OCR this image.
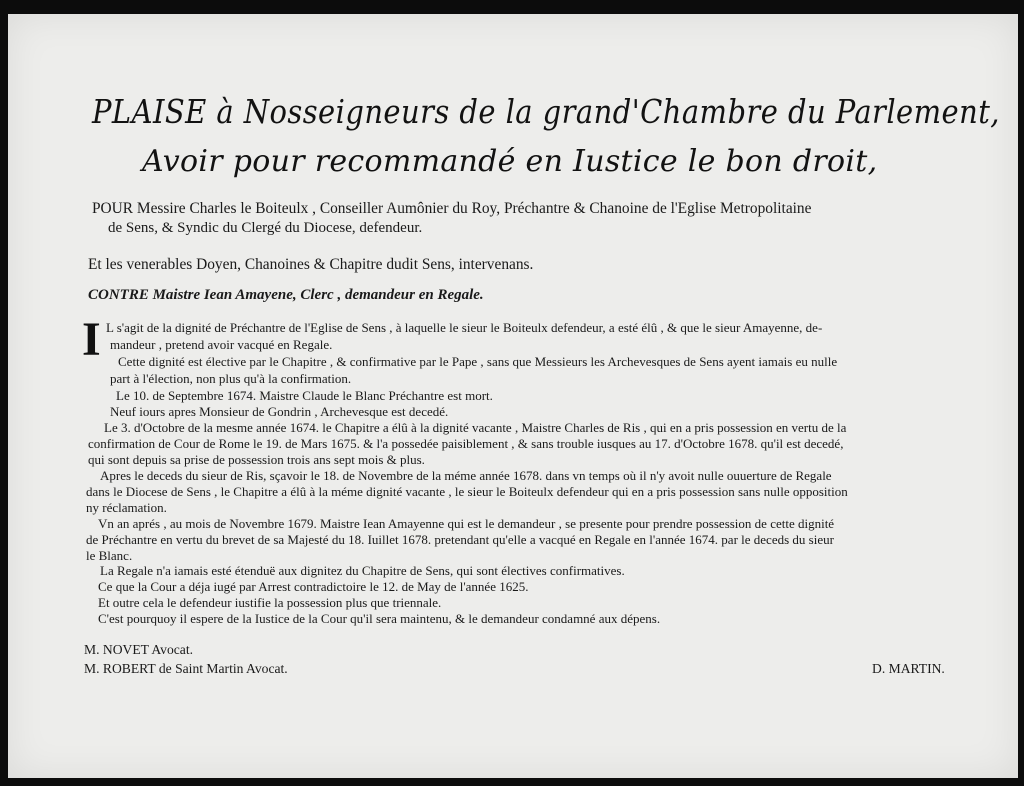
PLAISE à Nosseigneurs de la grand'Chambre du Parlement,
Avoir pour recommandé en Iustice le bon droit,

POUR Messire Charles le Boiteulx , Conseiller Aumônier du Roy, Précha​ntre & Chanoine de l'Eglise Metropolitaine

de Sens, & Syndic du Clergé du Diocese, defendeur.

Et les venerables Doyen, Chanoines & Chapitre dudit Sens, intervenans.

CONTRE Maistre Iean Amayene, Clerc , demandeur en Regale.

I L s'agit de la dignité de Préchantre de l'Eglise de Sens , à laquelle le sieur le Boiteulx defendeur, a esté élû , & que le sieur Amayenne, de-

mandeur , pretend avoir vacqué en Regale.

Cette dignité est élective par le Chapitre , & confirmative par le Pape , sans que Messieurs les Archevesques de Sens ayent iamais eu nulle

part à l'élection, non plus qu'à la confirmation.

Le 10. de Septembre 1674. Maistre Claude le Blanc Préchantre est mort.

Neuf iours apres Monsieur de Gondrin , Archevesque est decedé.

Le 3. d'Octobre de la mesme année 1674. le Chapitre a élû à la dignité vacante , Maistre Charles de Ris , qui en a pris possession en vertu de la

confirmation de Cour de Rome le 19. de Mars 1675. & l'a possedée paisiblement , & sans trouble iusques au 17. d'Octobre 1678. qu'il est decedé,

qui sont depuis sa prise de possession trois ans sept mois & plus.

Apres le deceds du sieur de Ris, sçavoir le 18. de Novembre de la méme année 1678. dans vn temps où il n'y avoit nulle ouuerture de Regale

dans le Diocese de Sens , le Chapitre a élû à la méme dignité vacante , le sieur le Boiteulx defendeur qui en a pris possession sans nulle opposition

ny réclamation.

Vn an aprés , au mois de Novembre 1679. Maistre Iean Amayenne qui est le demandeur , se presente pour prendre possession de cette dignité

de Préchantre en vertu du brevet de sa Majesté du 18. Iuillet 1678. pretendant qu'elle a vacqué en Regale en l'année 1674. par le deceds du sieur

le Blanc.

La Regale n'a iamais esté étenduë aux dignitez du Chapitre de Sens, qui sont électives confirmatives.

Ce que la Cour a déja iugé par Arrest contradictoire le 12. de May de l'année 1625.

Et outre cela le defendeur iustifie la possession plus que triennale.

C'est pourquoy il espere de la Iustice de la Cour qu'il sera maintenu, & le demandeur condamné aux dépens.

M. NOVET Avocat.

M. ROBERT de Saint Martin Avocat.	D. MARTIN.
